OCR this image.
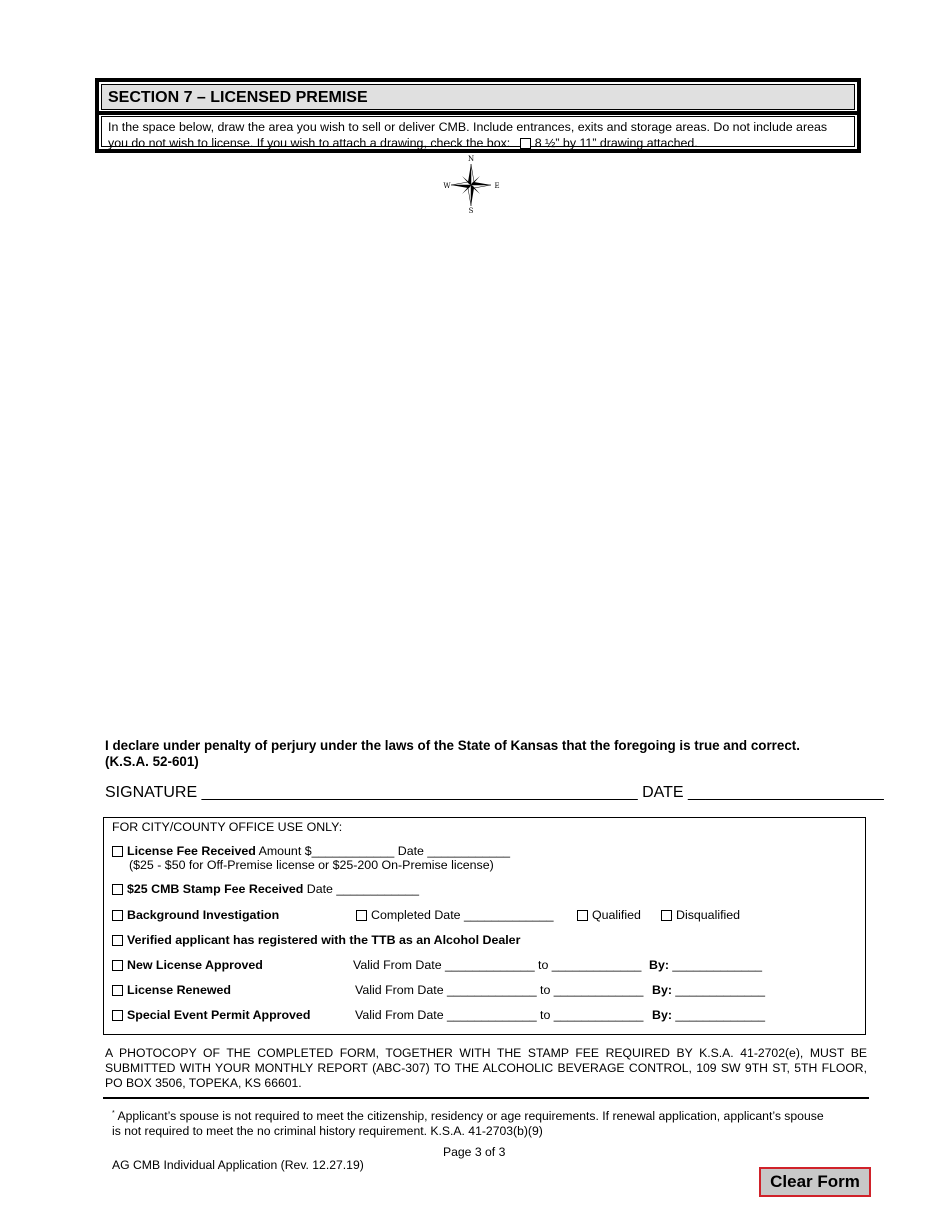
SECTION 7 – LICENSED PREMISE
In the space below, draw the area you wish to sell or deliver CMB. Include entrances, exits and storage areas. Do not include areas
you do not wish to license. If you wish to attach a drawing, check the box: 8 ½” by 11” drawing attached.
N
S
E
W
I declare under penalty of perjury under the laws of the State of Kansas that the foregoing is true and correct.
(K.S.A. 52-601)
SIGNATURE _________________________________________________ DATE ______________________
FOR CITY/COUNTY OFFICE USE ONLY:
License Fee Received Amount $____________ Date ____________
($25 - $50 for Off-Premise license or $25-200 On-Premise license)
$25 CMB Stamp Fee Received Date ____________
Background Investigation	Completed Date _____________	Qualified	Disqualified
Verified applicant has registered with the TTB as an Alcohol Dealer
New License Approved	Valid From Date _____________ to _____________ By: _____________
License Renewed	Valid From Date _____________ to _____________ By: _____________
Special Event Permit Approved	Valid From Date _____________ to _____________ By: _____________
A PHOTOCOPY OF THE COMPLETED FORM, TOGETHER WITH THE STAMP FEE REQUIRED BY K.S.A. 41-2702(e), MUST BE SUBMITTED WITH YOUR MONTHLY REPORT (ABC-307) TO THE ALCOHOLIC BEVERAGE CONTROL, 109 SW 9TH ST, 5TH FLOOR, PO BOX 3506, TOPEKA, KS 66601.
* Applicant’s spouse is not required to meet the citizenship, residency or age requirements. If renewal application, applicant’s spouse
is not required to meet the no criminal history requirement. K.S.A. 41-2703(b)(9)
Page 3 of 3
AG CMB Individual Application (Rev. 12.27.19)
Clear Form
